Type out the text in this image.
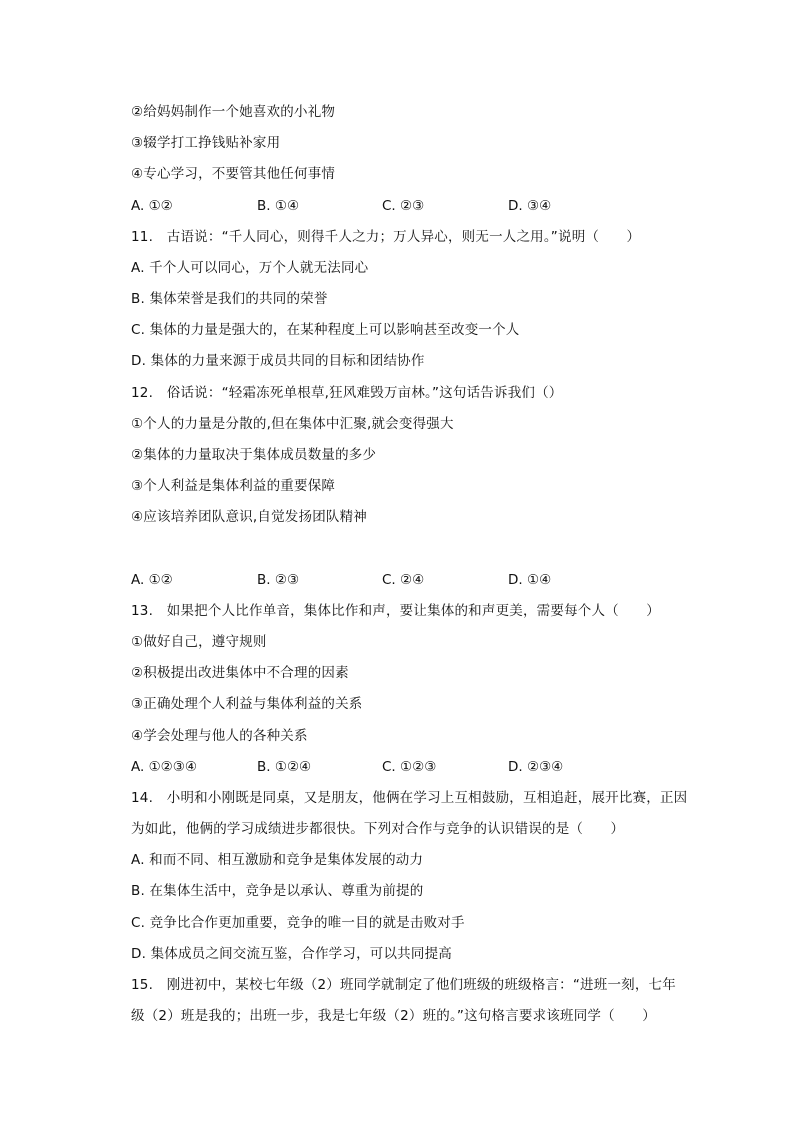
②给妈妈制作一个她喜欢的小礼物
③辍学打工挣钱贴补家用
④专心学习，不要管其他任何事情
A. ①②	B. ①④	C. ②③	D. ③④
11.　古语说：“千人同心，则得千人之力；万人异心，则无一人之用。”说明（　　）
A. 千个人可以同心，万个人就无法同心
B. 集体荣誉是我们的共同的荣誉
C. 集体的力量是强大的，在某种程度上可以影响甚至改变一个人
D. 集体的力量来源于成员共同的目标和团结协作
12.　俗话说：“轻霜冻死单根草,狂风难毁万亩林。”这句话告诉我们（）
①个人的力量是分散的,但在集体中汇聚,就会变得强大
②集体的力量取决于集体成员数量的多少
③个人利益是集体利益的重要保障
④应该培养团队意识,自觉发扬团队精神
A. ①②	B. ②③	C. ②④	D. ①④
13.　如果把个人比作单音，集体比作和声，要让集体的和声更美，需要每个人（　　）
①做好自己，遵守规则
②积极提出改进集体中不合理的因素
③正确处理个人利益与集体利益的关系
④学会处理与他人的各种关系
A. ①②③④	B. ①②④	C. ①②③	D. ②③④
14.　小明和小刚既是同桌，又是朋友，他俩在学习上互相鼓励，互相追赶，展开比赛，正因
为如此，他俩的学习成绩进步都很快。下列对合作与竞争的认识错误的是（　　）
A. 和而不同、相互激励和竞争是集体发展的动力
B. 在集体生活中，竞争是以承认、尊重为前提的
C. 竞争比合作更加重要，竞争的唯一目的就是击败对手
D. 集体成员之间交流互鉴，合作学习，可以共同提高
15.　刚进初中，某校七年级（2）班同学就制定了他们班级的班级格言：“进班一刻，七年
级（2）班是我的；出班一步，我是七年级（2）班的。”这句格言要求该班同学（　　）
